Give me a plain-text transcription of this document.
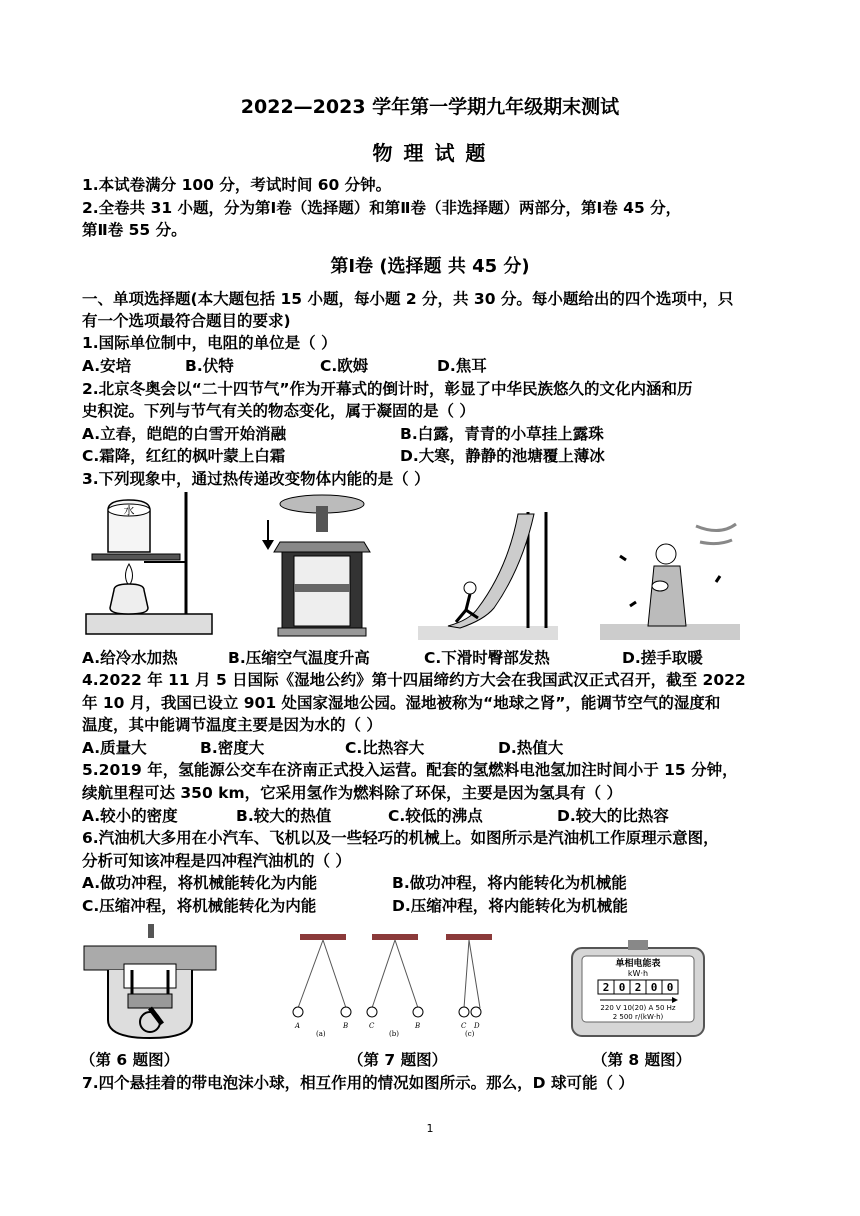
2022—2023 学年第一学期九年级期末测试
物 理 试 题
1.本试卷满分 100 分，考试时间 60 分钟。
2.全卷共 31 小题，分为第Ⅰ卷（选择题）和第Ⅱ卷（非选择题）两部分，第Ⅰ卷 45 分，
第Ⅱ卷 55 分。
第Ⅰ卷 (选择题 共 45 分)
一、单项选择题(本大题包括 15 小题，每小题 2 分，共 30 分。每小题给出的四个选项中，只
有一个选项最符合题目的要求)
1.国际单位制中，电阻的单位是（ ）
A.安培	B.伏特	C.欧姆	D.焦耳
2.北京冬奥会以“二十四节气”作为开幕式的倒计时，彰显了中华民族悠久的文化内涵和历
史积淀。下列与节气有关的物态变化，属于凝固的是（ ）
A.立春，皑皑的白雪开始消融	B.白露，青青的小草挂上露珠
C.霜降，红红的枫叶蒙上白霜	D.大寒，静静的池塘覆上薄冰
3.下列现象中，通过热传递改变物体内能的是（ ）
水
A.给冷水加热	B.压缩空气温度升高	C.下滑时臀部发热	D.搓手取暖
4.2022 年 11 月 5 日国际《湿地公约》第十四届缔约方大会在我国武汉正式召开，截至 2022
年 10 月，我国已设立 901 处国家湿地公园。湿地被称为“地球之肾”，能调节空气的湿度和
温度，其中能调节温度主要是因为水的（ ）
A.质量大	B.密度大	C.比热容大	D.热值大
5.2019 年，氢能源公交车在济南正式投入运营。配套的氢燃料电池氢加注时间小于 15 分钟，
续航里程可达 350 km，它采用氢作为燃料除了环保，主要是因为氢具有（ ）
A.较小的密度	B.较大的热值	C.较低的沸点	D.较大的比热容
6.汽油机大多用在小汽车、飞机以及一些轻巧的机械上。如图所示是汽油机工作原理示意图，
分析可知该冲程是四冲程汽油机的（ ）
A.做功冲程，将机械能转化为内能	B.做功冲程，将内能转化为机械能
C.压缩冲程，将机械能转化为内能	D.压缩冲程，将内能转化为机械能
（第 6 题图）
A	B	C	B	C D
(a)	(b)	(c)
（第 7 题图）
单相电能表
kW·h
2 0 2 0 0
220 V 10(20) A 50 Hz
2 500 r/(kW·h)
（第 8 题图）
7.四个悬挂着的带电泡沫小球，相互作用的情况如图所示。那么，D 球可能（ ）
1
